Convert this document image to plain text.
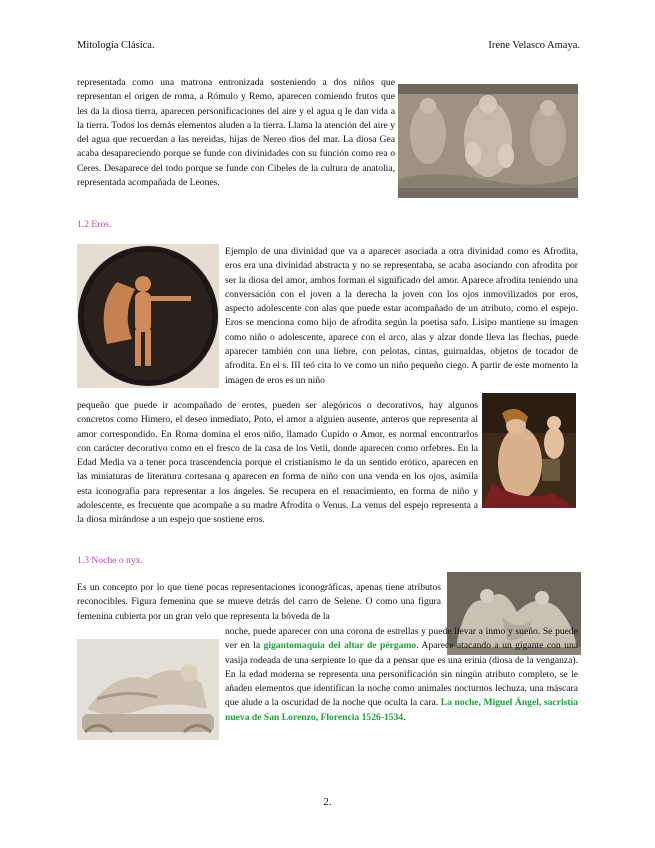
Mitología Clásica.	Irene Velasco Amaya.

representada como una matrona entronizada sosteniendo a dos niños que representan el origen de roma, a Rómulo y Remo, aparecen comiendo frutos que les da la diosa tierra, aparecen personificaciones del aire y el agua q le dan vida a la tierra. Todos los demás elementos aluden a la tierra. Llama la atención del aire y del agua que recuerdan a las nereidas, hijas de Nereo dios del mar. La diosa Gea acaba desapareciendo porque se funde con divinidades con su función como rea o Ceres. Desaparece del todo porque se funde con Cibeles de la cultura de anatolia, representada acompañada de Leones.

1.2 Eros.

Ejemplo de una divinidad que va a aparecer asociada a otra divinidad como es Afrodita, eros era una divinidad abstracta y no se representaba, se acaba asociando con afrodita por ser la diosa del amor, ambos forman el significado del amor. Aparece afrodita teniendo una conversación con el joven a la derecha la joven con los ojos inmovilizados por eros, aspecto adolescente con alas que puede estar acompañado de un atributo, como el espejo. Eros se menciona como hijo de afrodita según la poetisa safo. Lisipo mantiene su imagen como niño o adolescente, aparece con el arco, alas y alzar donde lleva las flechas, puede aparecer también con una liebre, con pelotas, cintas, guirnaldas, objetos de tocador de afrodita. En el s. III teó cita lo ve como un niño pequeño ciego. A partir de este momento la imagen de eros es un niño

pequeño que puede ir acompañado de erotes, pueden ser alegóricos o decorativos, hay algunos concretos como Himero, el deseo inmediato, Poto, el amor a alguien ausente, anteros que representa al amor correspondido. En Roma domina el eros niño, llamado Cupido o Amor, es normal encontrarlos con carácter decorativo como en el fresco de la casa de los Vetii, donde aparecen como orfebres. En la Edad Media va a tener poca trascendencia porque el cristianismo le da un sentido erótico, aparecen en las miniaturas de literatura cortesana q aparecen en forma de niño con una venda en los ojos, asimila esta iconografía para representar a los ángeles. Se recupera en el renacimiento, en forma de niño y adolescente, es frecuente que acompañe a su madre Afrodita o Venus. La venus del espejo representa a la diosa mirándose a un espejo que sostiene eros.

1.3 Noche o nyx.

Es un concepto por lo que tiene pocas representaciones iconográficas, apenas tiene atributos reconocibles. Figura femenina que se mueve detrás del carro de Selene. O como una figura femenina cubierta por un gran velo que representa la bóveda de la

noche, puede aparecer con una corona de estrellas y puede llevar a inmo y sueño. Se puede ver en la gigantomaquia del altar de pérgamo. Aparece atacando a un gigante con una vasija rodeada de una serpiente lo que da a pensar que es una erinia (diosa de la venganza). En la edad moderna se representa una personificación sin ningún atributo completo, se le añaden elementos que identifican la noche como animales nocturnos lechuza, una máscara que alude a la oscuridad de la noche que oculta la cara. La noche, Miguel Ángel, sacristía nueva de San Lorenzo, Florencia 1526-1534.

2.
